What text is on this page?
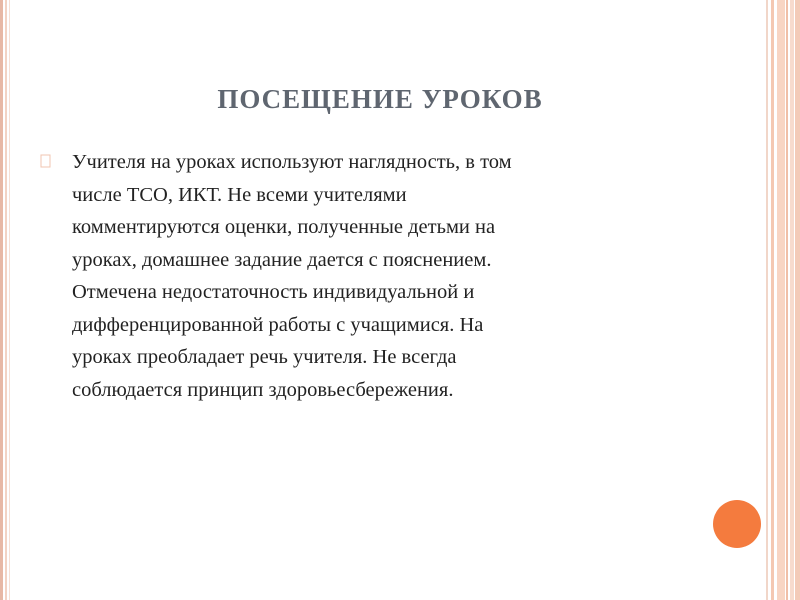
ПОСЕЩЕНИЕ УРОКОВ

Учителя на уроках используют наглядность, в том
числе ТСО, ИКТ. Не всеми учителями
комментируются оценки, полученные детьми на
уроках, домашнее задание дается с пояснением.
Отмечена недостаточность индивидуальной и
дифференцированной работы с учащимися. На
уроках преобладает речь учителя. Не всегда
соблюдается принцип здоровьесбережения.
